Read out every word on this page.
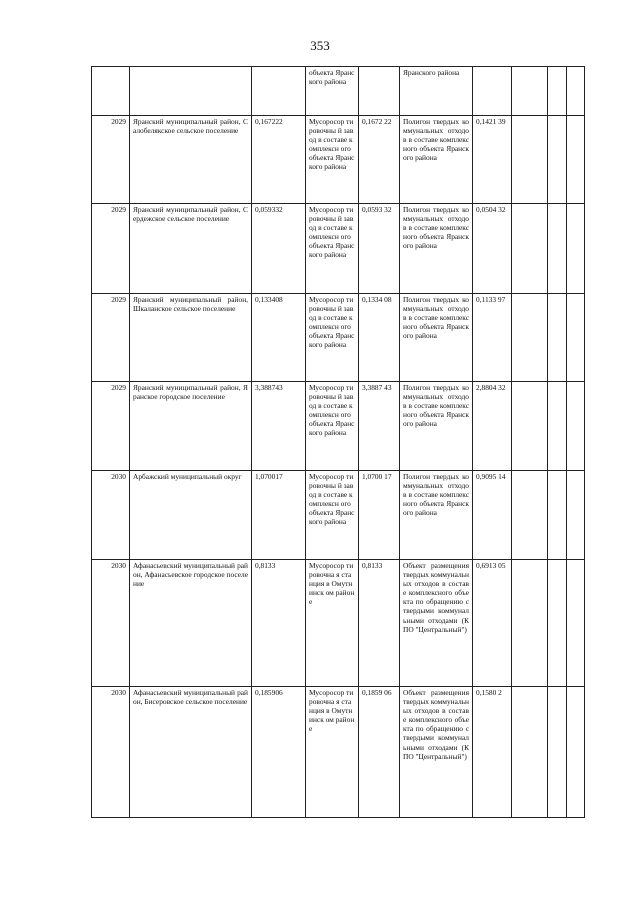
353
			объекта Яранского района		Яранского района				
2029	Яранский муниципальный район, Салобелякское сельское поселение	0,167222	Мусоросор тировочны й завод в составе комплексн ого объекта Яранского района	0,1672 22	Полигон твердых коммунальных отходов в составе комплексного объекта Яранского района	0,1421 39			
2029	Яранский муниципальный район, Сердежское сельское поселение	0,059332	Мусоросор тировочны й завод в составе комплексн ого объекта Яранского района	0,0593 32	Полигон твердых коммунальных отходов в составе комплексного объекта Яранского района	0,0504 32			
2029	Яранский муниципальный район, Шкаланское сельское поселение	0,133408	Мусоросор тировочны й завод в составе комплексн ого объекта Яранского района	0,1334 08	Полигон твердых коммунальных отходов в составе комплексного объекта Яранского района	0,1133 97			
2029	Яранский муниципальный район, Яранское городское поселение	3,388743	Мусоросор тировочны й завод в составе комплексн ого объекта Яранского района	3,3887 43	Полигон твердых коммунальных отходов в составе комплексного объекта Яранского района	2,8804 32			
2030	Арбажский муниципальный округ	1,070017	Мусоросор тировочны й завод в составе комплексн ого объекта Яранского района	1,0700 17	Полигон твердых коммунальных отходов в составе комплексного объекта Яранского района	0,9095 14			
2030	Афанасьевский муниципальный район, Афанасьевское городское поселение	0,8133	Мусоросор тировочна я станция в Омутнинск ом районе	0,8133	Объект размещения твердых коммунальных отходов в составе комплексного объекта по обращению с твердыми коммунальными отходами (КПО "Центральный")	0,6913 05			
2030	Афанасьевский муниципальный район, Бисеровское сельское поселение	0,185906	Мусоросор тировочна я станция в Омутнинск ом районе	0,1859 06	Объект размещения твердых коммунальных отходов в составе комплексного объекта по обращению с твердыми коммунальными отходами (КПО "Центральный")	0,1580 2			
